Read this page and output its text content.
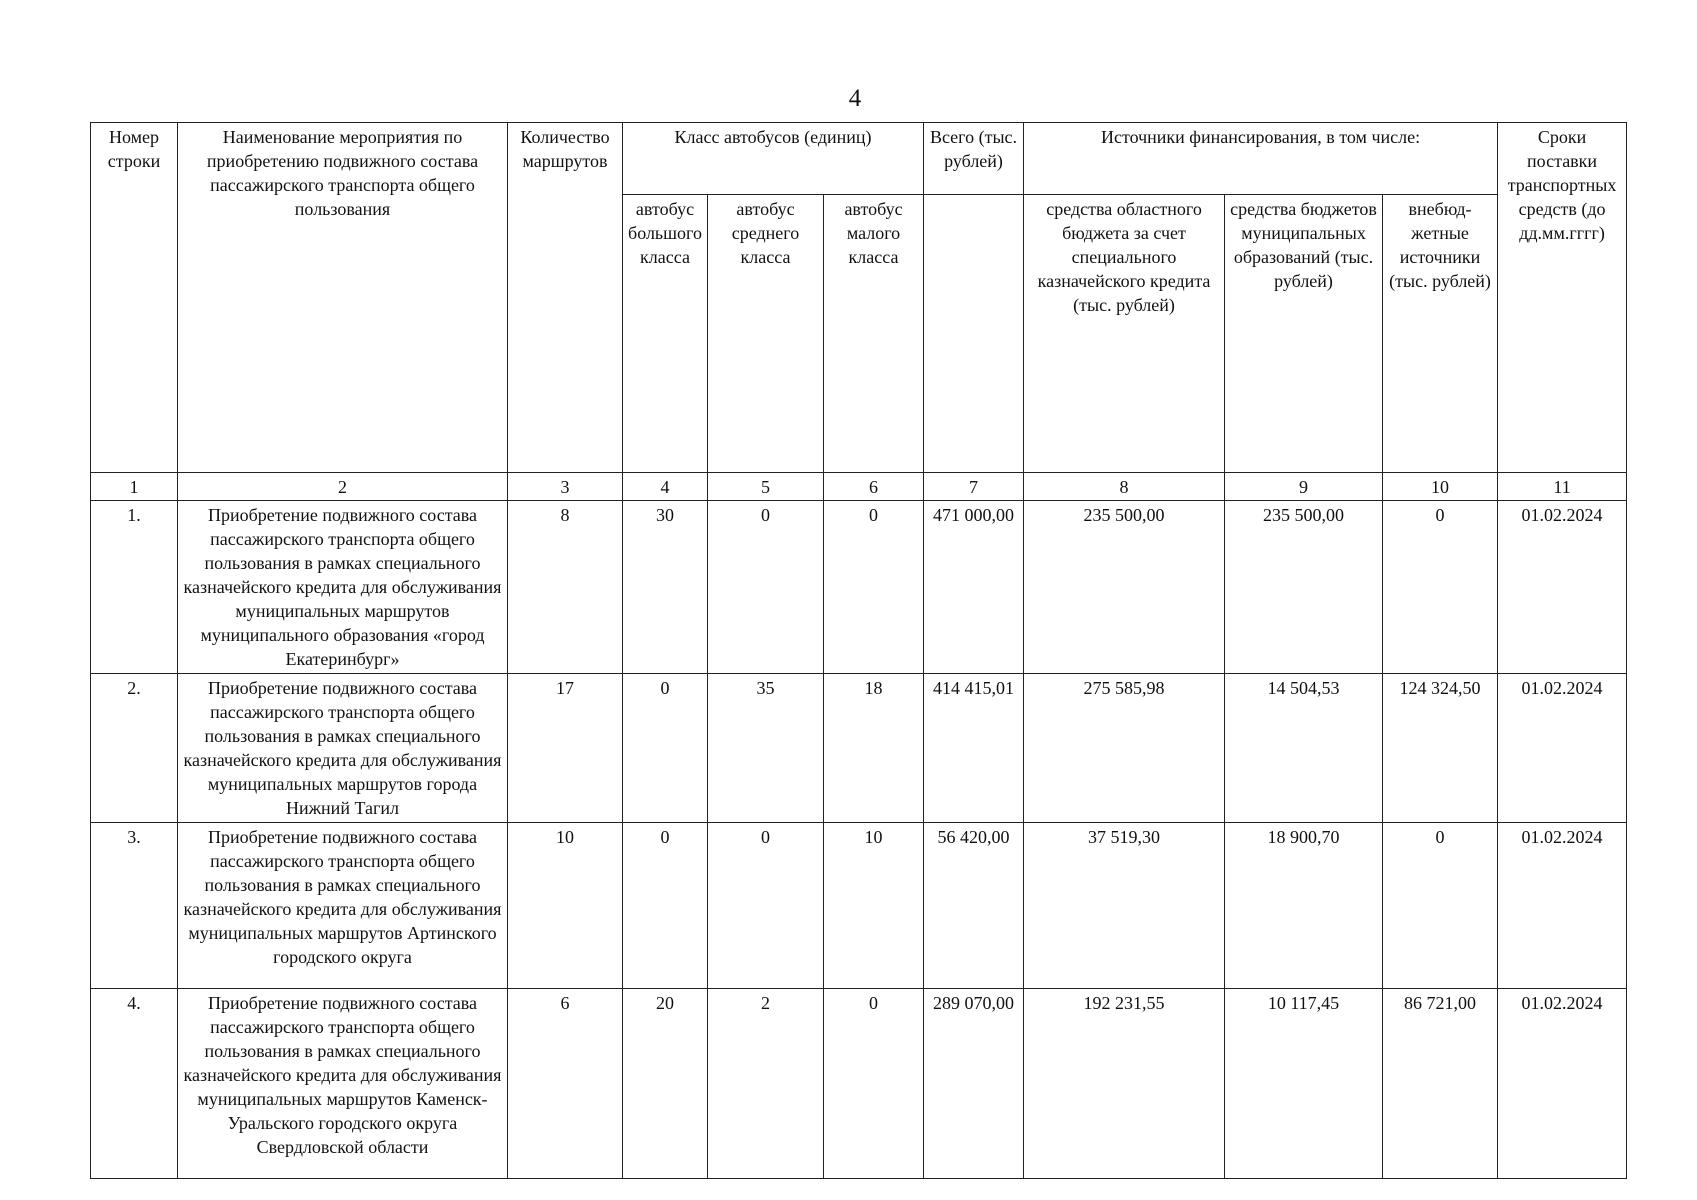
4
Номер строки	Наименование мероприятия по приобретению подвижного состава пассажирского транспорта общего пользования	Количество маршрутов	Класс автобусов (единиц)			Всего (тыс. рублей)	Источники финансирования, в том числе:			Сроки поставки транспортных средств (до дд.мм.гггг)
			автобус большого класса	автобус среднего класса	автобус малого класса		средства областного бюджета за счет специального казначейского кредита (тыс. рублей)	средства бюджетов муниципальных образований (тыс. рублей)	внебюд-жетные источники (тыс. рублей)	
1	2	3	4	5	6	7	8	9	10	11
1.	Приобретение подвижного состава пассажирского транспорта общего пользования в рамках специального казначейского кредита для обслуживания муниципальных маршрутов муниципального образования «город Екатеринбург»	8	30	0	0	471 000,00	235 500,00	235 500,00	0	01.02.2024
2.	Приобретение подвижного состава пассажирского транспорта общего пользования в рамках специального казначейского кредита для обслуживания муниципальных маршрутов города Нижний Тагил	17	0	35	18	414 415,01	275 585,98	14 504,53	124 324,50	01.02.2024
3.	Приобретение подвижного состава пассажирского транспорта общего пользования в рамках специального казначейского кредита для обслуживания муниципальных маршрутов Артинского городского округа	10	0	0	10	56 420,00	37 519,30	18 900,70	0	01.02.2024
4.	Приобретение подвижного состава пассажирского транспорта общего пользования в рамках специального казначейского кредита для обслуживания муниципальных маршрутов Каменск-Уральского городского округа Свердловской области	6	20	2	0	289 070,00	192 231,55	10 117,45	86 721,00	01.02.2024
